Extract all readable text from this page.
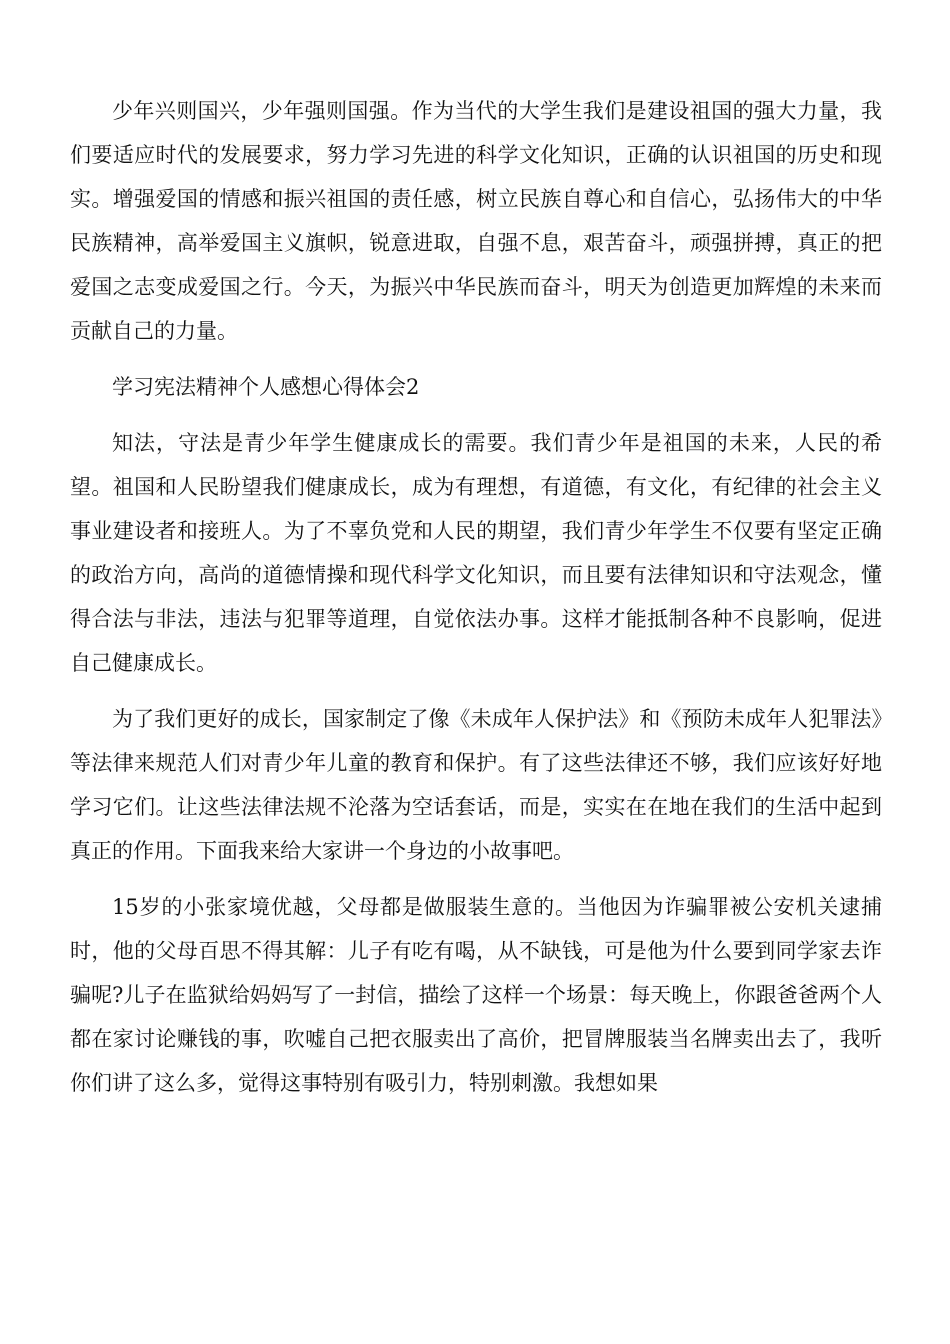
少年兴则国兴，少年强则国强。作为当代的大学生我们是建设祖国的强大力量，我们要适应时代的发展要求，努力学习先进的科学文化知识，正确的认识祖国的历史和现实。增强爱国的情感和振兴祖国的责任感，树立民族自尊心和自信心，弘扬伟大的中华民族精神，高举爱国主义旗帜，锐意进取，自强不息，艰苦奋斗，顽强拼搏，真正的把爱国之志变成爱国之行。今天，为振兴中华民族而奋斗，明天为创造更加辉煌的未来而贡献自己的力量。

学习宪法精神个人感想心得体会2

知法，守法是青少年学生健康成长的需要。我们青少年是祖国的未来，人民的希望。祖国和人民盼望我们健康成长，成为有理想，有道德，有文化，有纪律的社会主义事业建设者和接班人。为了不辜负党和人民的期望，我们青少年学生不仅要有坚定正确的政治方向，高尚的道德情操和现代科学文化知识，而且要有法律知识和守法观念，懂得合法与非法，违法与犯罪等道理，自觉依法办事。这样才能抵制各种不良影响，促进自己健康成长。

为了我们更好的成长，国家制定了像《未成年人保护法》和《预防未成年人犯罪法》等法律来规范人们对青少年儿童的教育和保护。有了这些法律还不够，我们应该好好地学习它们。让这些法律法规不沦落为空话套话，而是，实实在在地在我们的生活中起到真正的作用。下面我来给大家讲一个身边的小故事吧。

15岁的小张家境优越，父母都是做服装生意的。当他因为诈骗罪被公安机关逮捕时，他的父母百思不得其解：儿子有吃有喝，从不缺钱，可是他为什么要到同学家去诈骗呢?儿子在监狱给妈妈写了一封信，描绘了这样一个场景：每天晚上，你跟爸爸两个人都在家讨论赚钱的事，吹嘘自己把衣服卖出了高价，把冒牌服装当名牌卖出去了，我听你们讲了这么多，觉得这事特别有吸引力，特别刺激。我想如果
